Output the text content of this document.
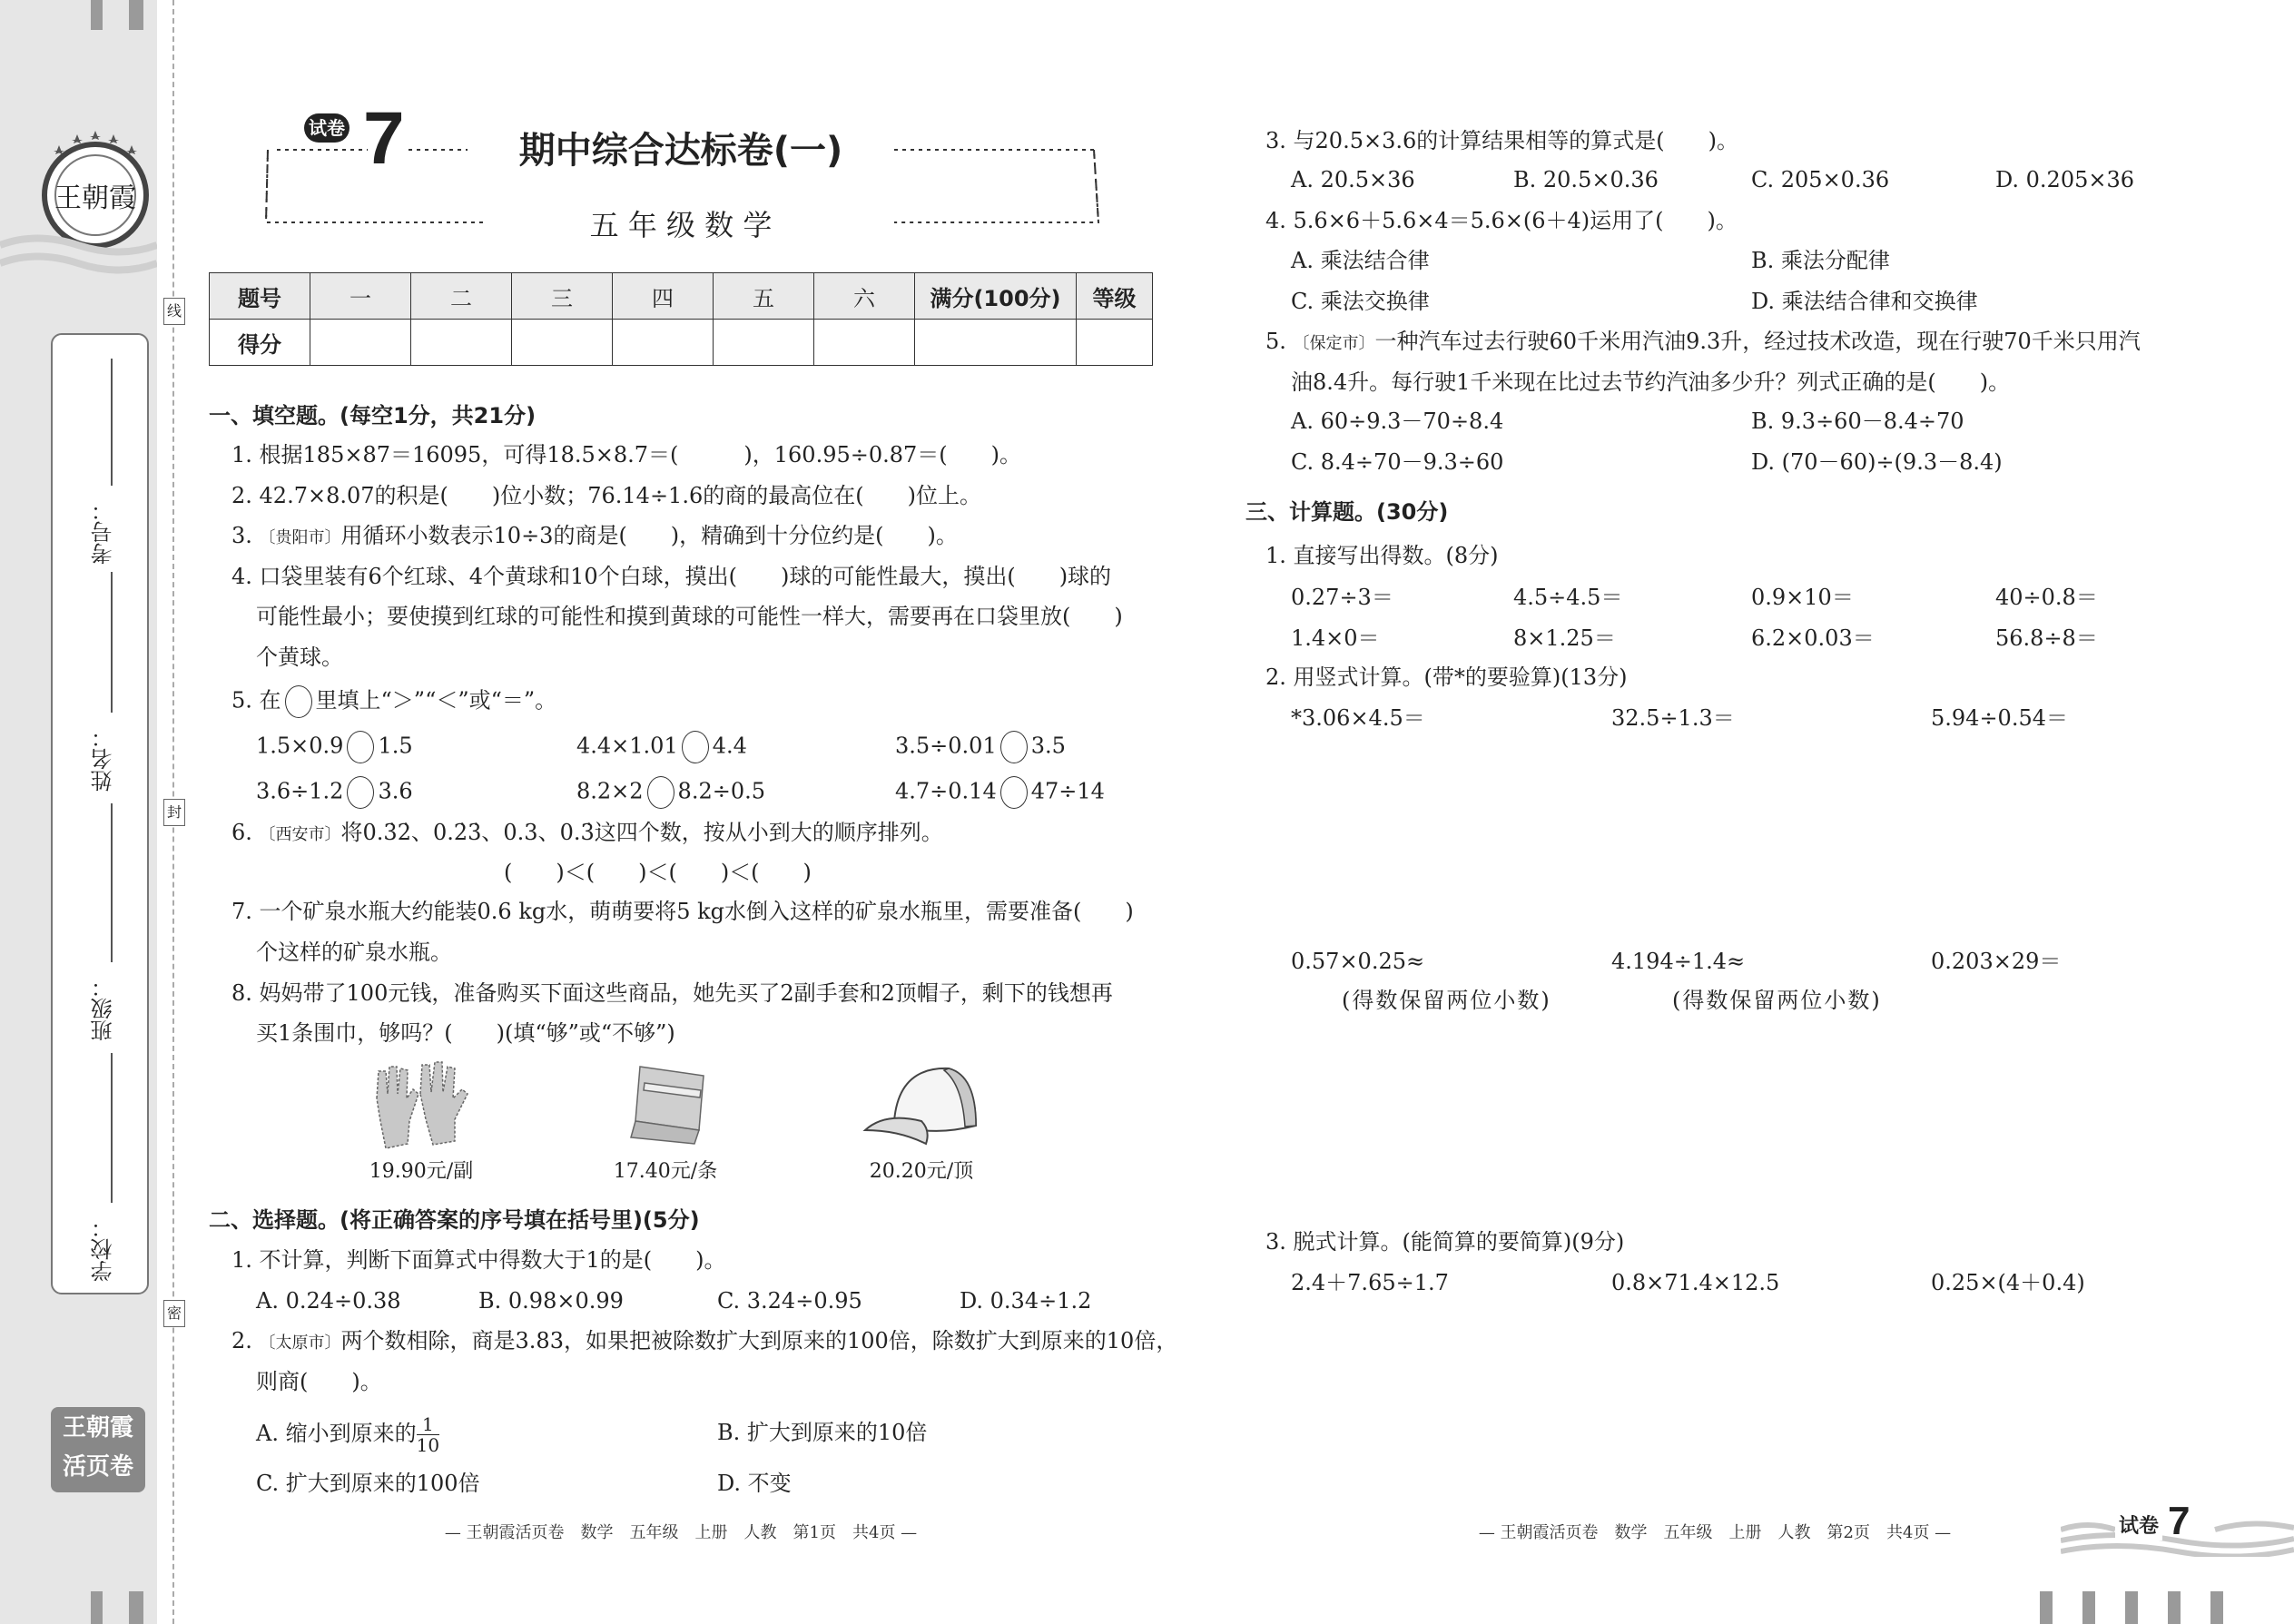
王朝霞
线
封
密
考号：
姓名：
班级：
学校：
王朝霞
活页卷
试卷 7	期中综合达标卷(一)
五 年 级 数 学
题号	一	二	三	四	五	六	满分(100分)	等级
得分								
一、填空题。(每空1分，共21分)
1. 根据185×87＝16095，可得18.5×8.7＝(　　　)，160.95÷0.87＝(　　)。
2. 42.7×8.07的积是(　　)位小数；76.14÷1.6的商的最高位在(　　)位上。
3. 〔贵阳市〕用循环小数表示10÷3的商是(　　)，精确到十分位约是(　　)。
4. 口袋里装有6个红球、4个黄球和10个白球，摸出(　　)球的可能性最大，摸出(　　)球的
可能性最小；要使摸到红球的可能性和摸到黄球的可能性一样大，需要再在口袋里放(　　)
个黄球。
5. 在 里填上“＞”“＜”或“＝”。
1.5×0.9 1.5	4.4×1.01 4.4	3.5÷0.01 3.5
3.6÷1.2 3.6	8.2×2 8.2÷0.5	4.7÷0.14 47÷14
6. 〔西安市〕将0.3̇2̇、0.2̇3̇、0.3、0.3̇这四个数，按从小到大的顺序排列。
(　　)＜(　　)＜(　　)＜(　　)
7. 一个矿泉水瓶大约能装0.6 kg水，萌萌要将5 kg水倒入这样的矿泉水瓶里，需要准备(　　)
个这样的矿泉水瓶。
8. 妈妈带了100元钱，准备购买下面这些商品，她先买了2副手套和2顶帽子，剩下的钱想再
买1条围巾，够吗？(　　)(填“够”或“不够”)
19.90元/副	17.40元/条	20.20元/顶
二、选择题。(将正确答案的序号填在括号里)(5分)
1. 不计算，判断下面算式中得数大于1的是(　　)。
A. 0.24÷0.38	B. 0.98×0.99	C. 3.24÷0.95	D. 0.34÷1.2
2. 〔太原市〕两个数相除，商是3.83，如果把被除数扩大到原来的100倍，除数扩大到原来的10倍，
则商(　　)。
A. 缩小到原来的 $\frac{1}{10}$	B. 扩大到原来的10倍
C. 扩大到原来的100倍	D. 不变
— 王朝霞活页卷　数学　五年级　上册　人教　第1页　共4页 —
3. 与20.5×3.6的计算结果相等的算式是(　　)。
A. 20.5×36	B. 20.5×0.36	C. 205×0.36	D. 0.205×36
4. 5.6×6＋5.6×4＝5.6×(6＋4)运用了(　　)。
A. 乘法结合律	B. 乘法分配律
C. 乘法交换律	D. 乘法结合律和交换律
5. 〔保定市〕一种汽车过去行驶60千米用汽油9.3升，经过技术改造，现在行驶70千米只用汽
油8.4升。每行驶1千米现在比过去节约汽油多少升？列式正确的是(　　)。
A. 60÷9.3－70÷8.4	B. 9.3÷60－8.4÷70
C. 8.4÷70－9.3÷60	D. (70－60)÷(9.3－8.4)
三、计算题。(30分)
1. 直接写出得数。(8分)
0.27÷3＝	4.5÷4.5＝	0.9×10＝	40÷0.8＝
1.4×0＝	8×1.25＝	6.2×0.03＝	56.8÷8＝
2. 用竖式计算。(带*的要验算)(13分)
*3.06×4.5＝	32.5÷1.3＝	5.94÷0.54＝
0.57×0.25≈	4.194÷1.4≈	0.203×29＝
(得数保留两位小数)	(得数保留两位小数)
3. 脱式计算。(能简算的要简算)(9分)
2.4＋7.65÷1.7	0.8×71.4×12.5	0.25×(4＋0.4)
— 王朝霞活页卷　数学　五年级　上册　人教　第2页　共4页 —	试卷 7
